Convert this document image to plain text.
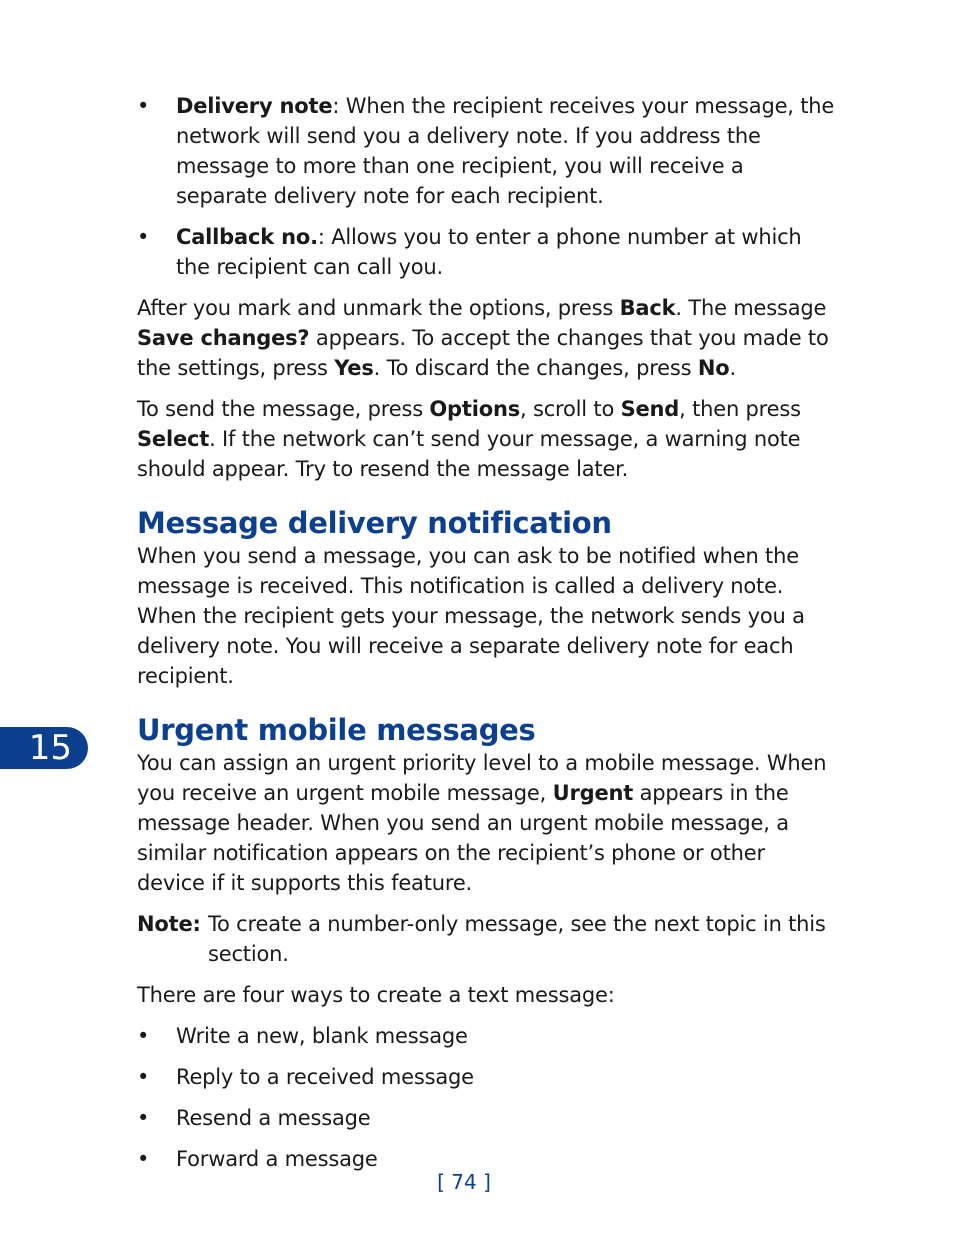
• Delivery note: When the recipient receives your message, the network will send you a delivery note. If you address the message to more than one recipient, you will receive a separate delivery note for each recipient.
• Callback no.: Allows you to enter a phone number at which the recipient can call you.

After you mark and unmark the options, press Back. The message Save changes? appears. To accept the changes that you made to the settings, press Yes. To discard the changes, press No.

To send the message, press Options, scroll to Send, then press Select. If the network can’t send your message, a warning note should appear. Try to resend the message later.

Message delivery notification

When you send a message, you can ask to be notified when the message is received. This notification is called a delivery note. When the recipient gets your message, the network sends you a delivery note. You will receive a separate delivery note for each recipient.

Urgent mobile messages

You can assign an urgent priority level to a mobile message. When you receive an urgent mobile message, Urgent appears in the message header. When you send an urgent mobile message, a similar notification appears on the recipient’s phone or other device if it supports this feature.

Note: To create a number-only message, see the next topic in this section.

There are four ways to create a text message:

• Write a new, blank message
• Reply to a received message
• Resend a message
• Forward a message
15
[ 74 ]
